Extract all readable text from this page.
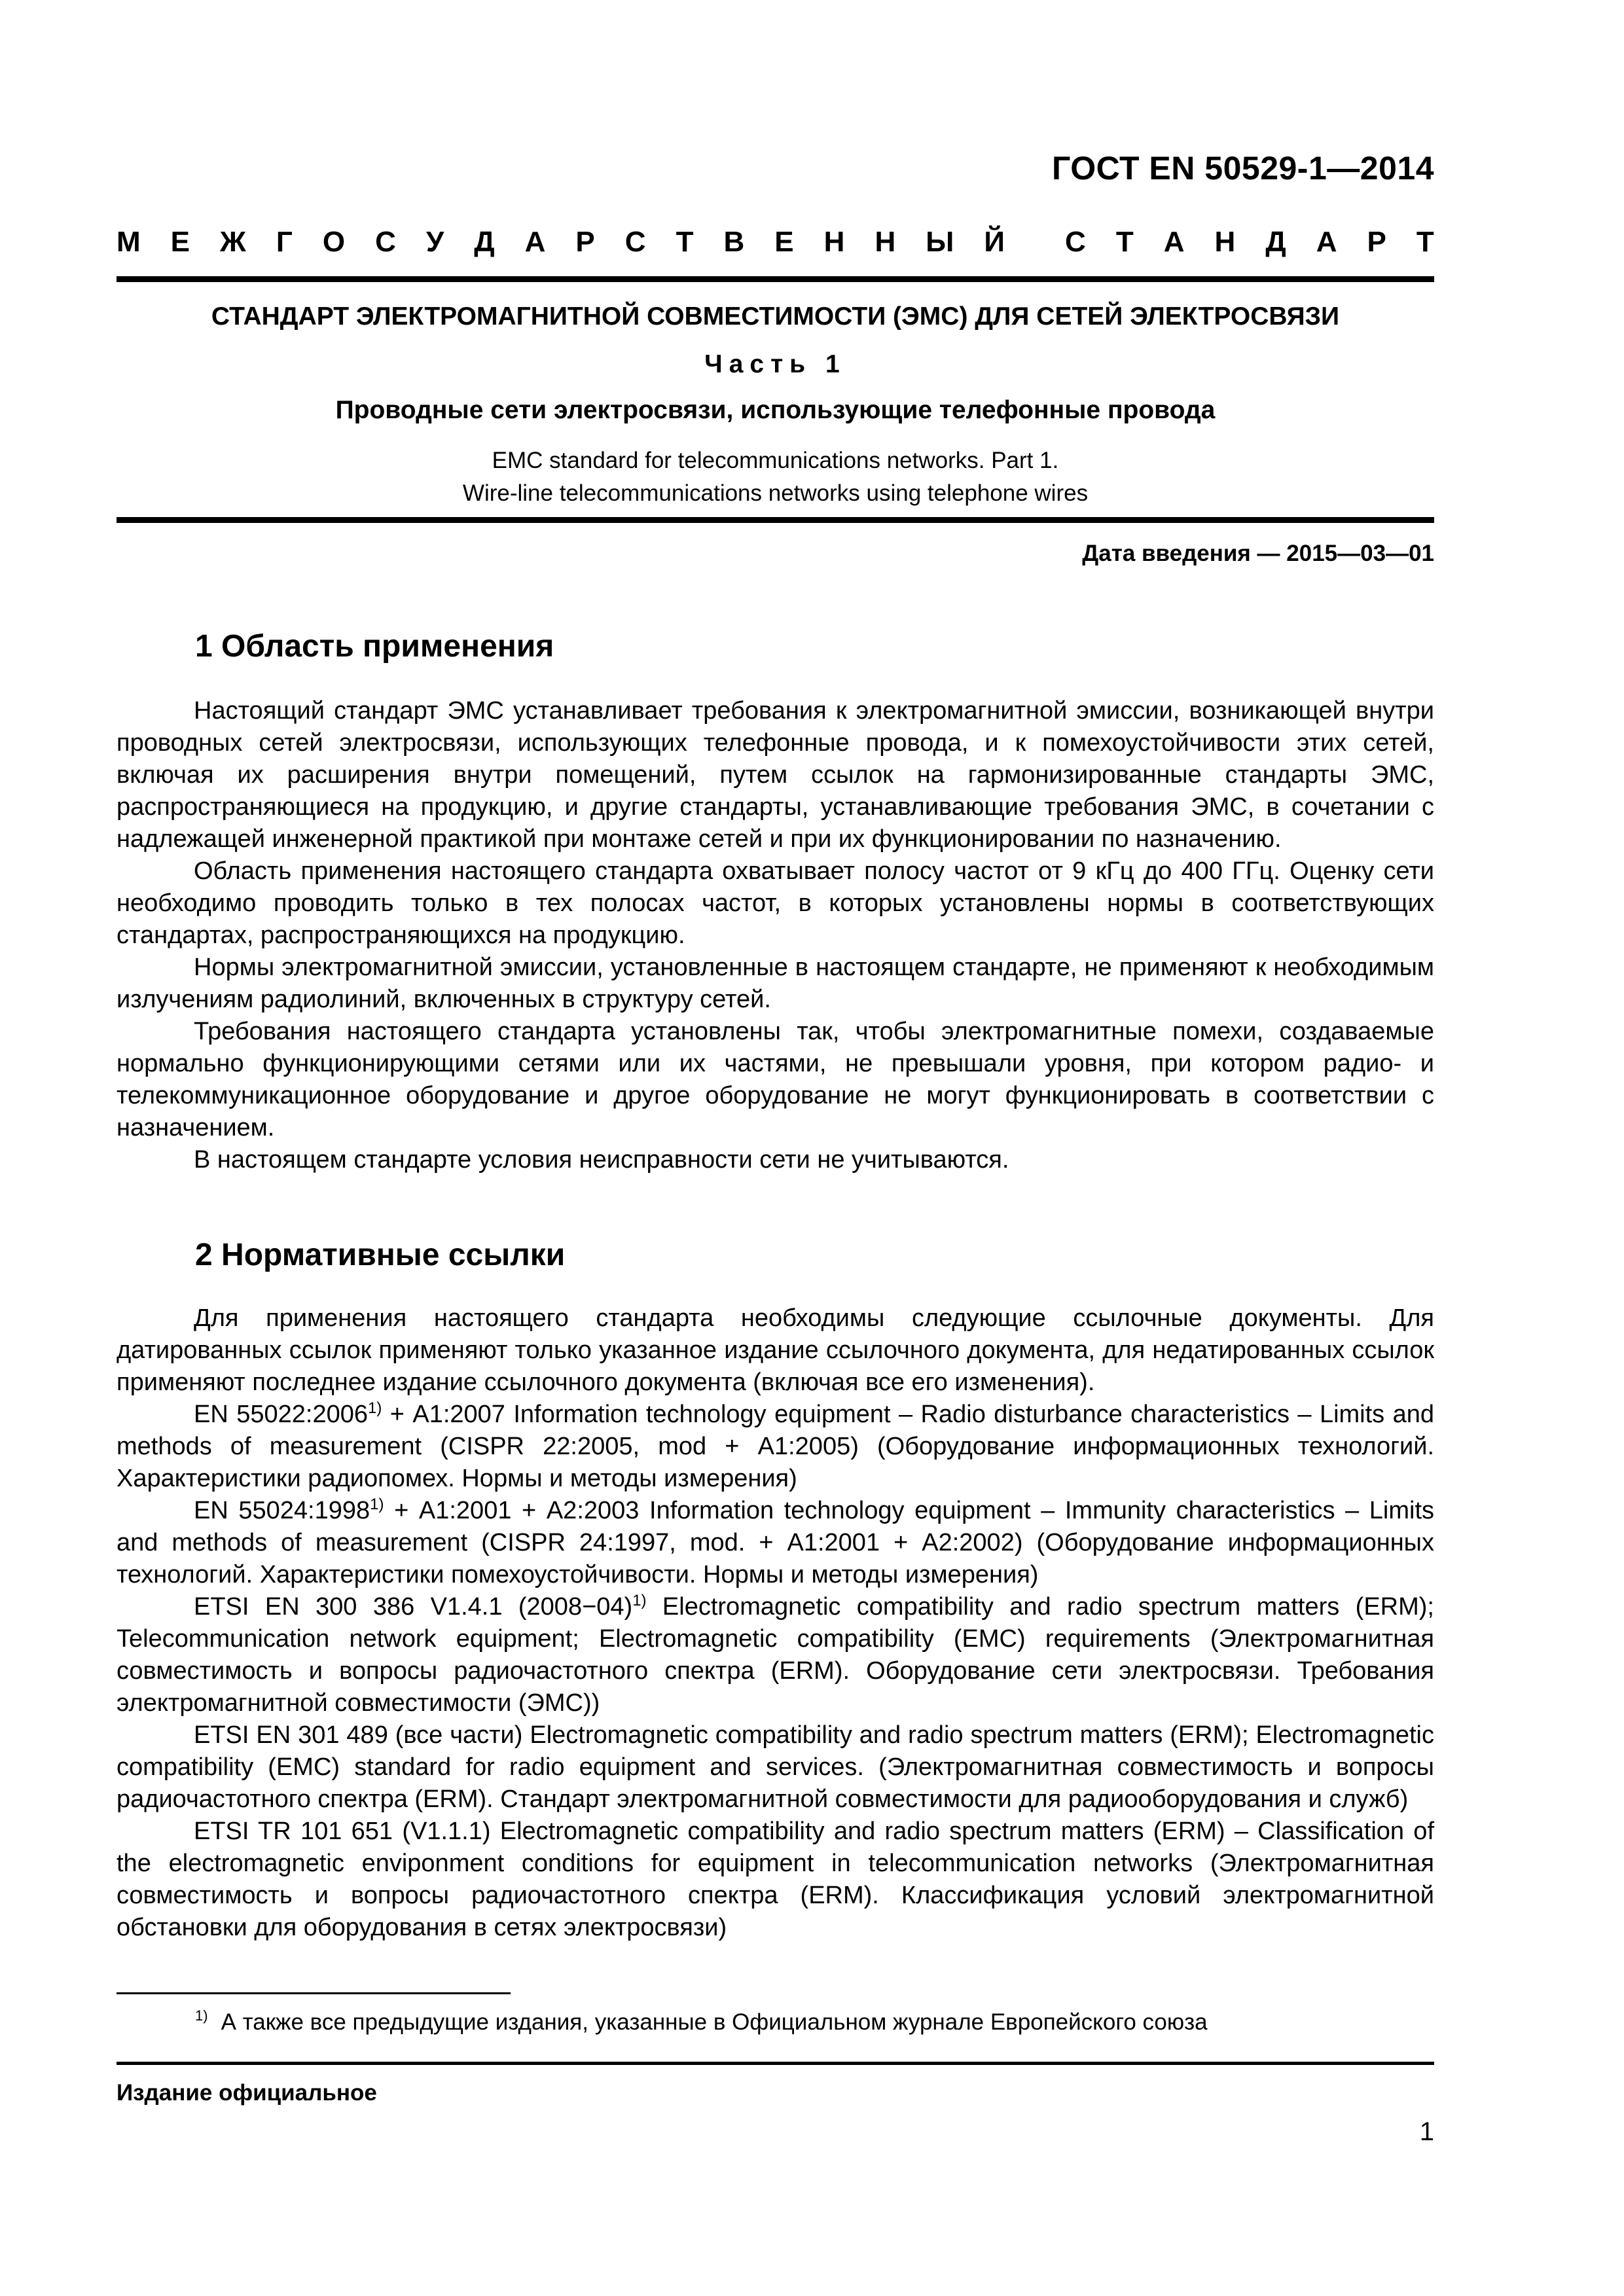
ГОСТ EN 50529-1—2014
М Е Ж Г О С У Д А Р С Т В Е Н Н Ы Й С Т А Н Д А Р Т
СТАНДАРТ ЭЛЕКТРОМАГНИТНОЙ СОВМЕСТИМОСТИ (ЭМС) ДЛЯ СЕТЕЙ ЭЛЕКТРОСВЯЗИ
Часть 1
Проводные сети электросвязи, использующие телефонные провода
EMC standard for telecommunications networks. Part 1.
Wire-line telecommunications networks using telephone wires
Дата введения — 2015—03—01
1 Область применения

Настоящий стандарт ЭМС устанавливает требования к электромагнитной эмиссии, возникающей внутри проводных сетей электросвязи, использующих телефонные провода, и к помехоустойчивости этих сетей, включая их расширения внутри помещений, путем ссылок на гармонизированные стандарты ЭМС, распространяющиеся на продукцию, и другие стандарты, устанавливающие требования ЭМС, в сочетании с надлежащей инженерной практикой при монтаже сетей и при их функционировании по назначению.

Область применения настоящего стандарта охватывает полосу частот от 9 кГц до 400 ГГц. Оценку сети необходимо проводить только в тех полосах частот, в которых установлены нормы в соответствующих стандартах, распространяющихся на продукцию.

Нормы электромагнитной эмиссии, установленные в настоящем стандарте, не применяют к необходимым излучениям радиолиний, включенных в структуру сетей.

Требования настоящего стандарта установлены так, чтобы электромагнитные помехи, создаваемые нормально функционирующими сетями или их частями, не превышали уровня, при котором радио- и телекоммуникационное оборудование и другое оборудование не могут функционировать в соответствии с назначением.

В настоящем стандарте условия неисправности сети не учитываются.

2 Нормативные ссылки

Для применения настоящего стандарта необходимы следующие ссылочные документы. Для датированных ссылок применяют только указанное издание ссылочного документа, для недатированных ссылок применяют последнее издание ссылочного документа (включая все его изменения).

EN $55022:2006^{1)}$ + А1:2007 Information technology equipment – Radio disturbance characteristics – Limits and methods of measurement (CISPR 22:2005, mod + А1:2005) (Оборудование информационных технологий. Характеристики радиопомех. Нормы и методы измерения)

EN $55024:1998^{1)}$ + А1:2001 + А2:2003 Information technology equipment – Immunity characteristics – Limits and methods of measurement (CISPR 24:1997, mod. + А1:2001 + А2:2002) (Оборудование информационных технологий. Характеристики помехоустойчивости. Нормы и методы измерения)

ETSI EN 300 386 V1.4.1 $(2008-04)^{1)}$ Electromagnetic compatibility and radio spectrum matters (ERM); Telecommunication network equipment; Electromagnetic compatibility (EMC) requirements (Электромагнитная совместимость и вопросы радиочастотного спектра (ERM). Оборудование сети электросвязи. Требования электромагнитной совместимости (ЭМС))

ETSI EN 301 489 (все части) Electromagnetic compatibility and radio spectrum matters (ERM); Electromagnetic compatibility (EMC) standard for radio equipment and services. (Электромагнитная совместимость и вопросы радиочастотного спектра (ERM). Стандарт электромагнитной совместимости для радиооборудования и служб)

ETSI TR 101 651 (V1.1.1) Electromagnetic compatibility and radio spectrum matters (ERM) – Classification of the electromagnetic envіponment conditions for equipment in telecommunication networks (Электромагнитная совместимость и вопросы радиочастотного спектра (ERM). Классификация условий электромагнитной обстановки для оборудования в сетях электросвязи)

$^{1)}$ А также все предыдущие издания, указанные в Официальном журнале Европейского союза
Издание официальное
1
